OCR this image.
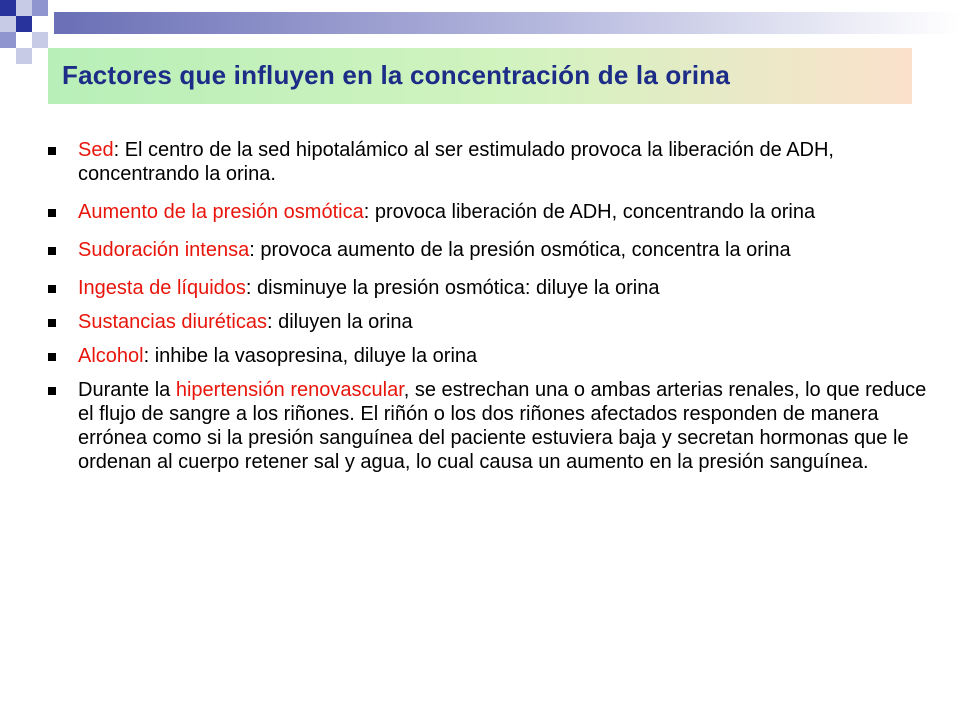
Factores que influyen en la concentración de la orina
Sed: El centro de la sed hipotalámico al ser estimulado provoca la liberación de ADH, concentrando la orina.
Aumento de la presión osmótica: provoca liberación de ADH, concentrando la orina
Sudoración intensa: provoca aumento de la presión osmótica, concentra la orina
Ingesta de líquidos: disminuye la presión osmótica: diluye la orina
Sustancias diuréticas: diluyen la orina
Alcohol: inhibe la vasopresina, diluye la orina
Durante la hipertensión renovascular, se estrechan una o ambas arterias renales, lo que reduce el flujo de sangre a los riñones. El riñón o los dos riñones afectados responden de manera errónea como si la presión sanguínea del paciente estuviera baja y secretan hormonas que le ordenan al cuerpo retener sal y agua, lo cual causa un aumento en la presión sanguínea.
